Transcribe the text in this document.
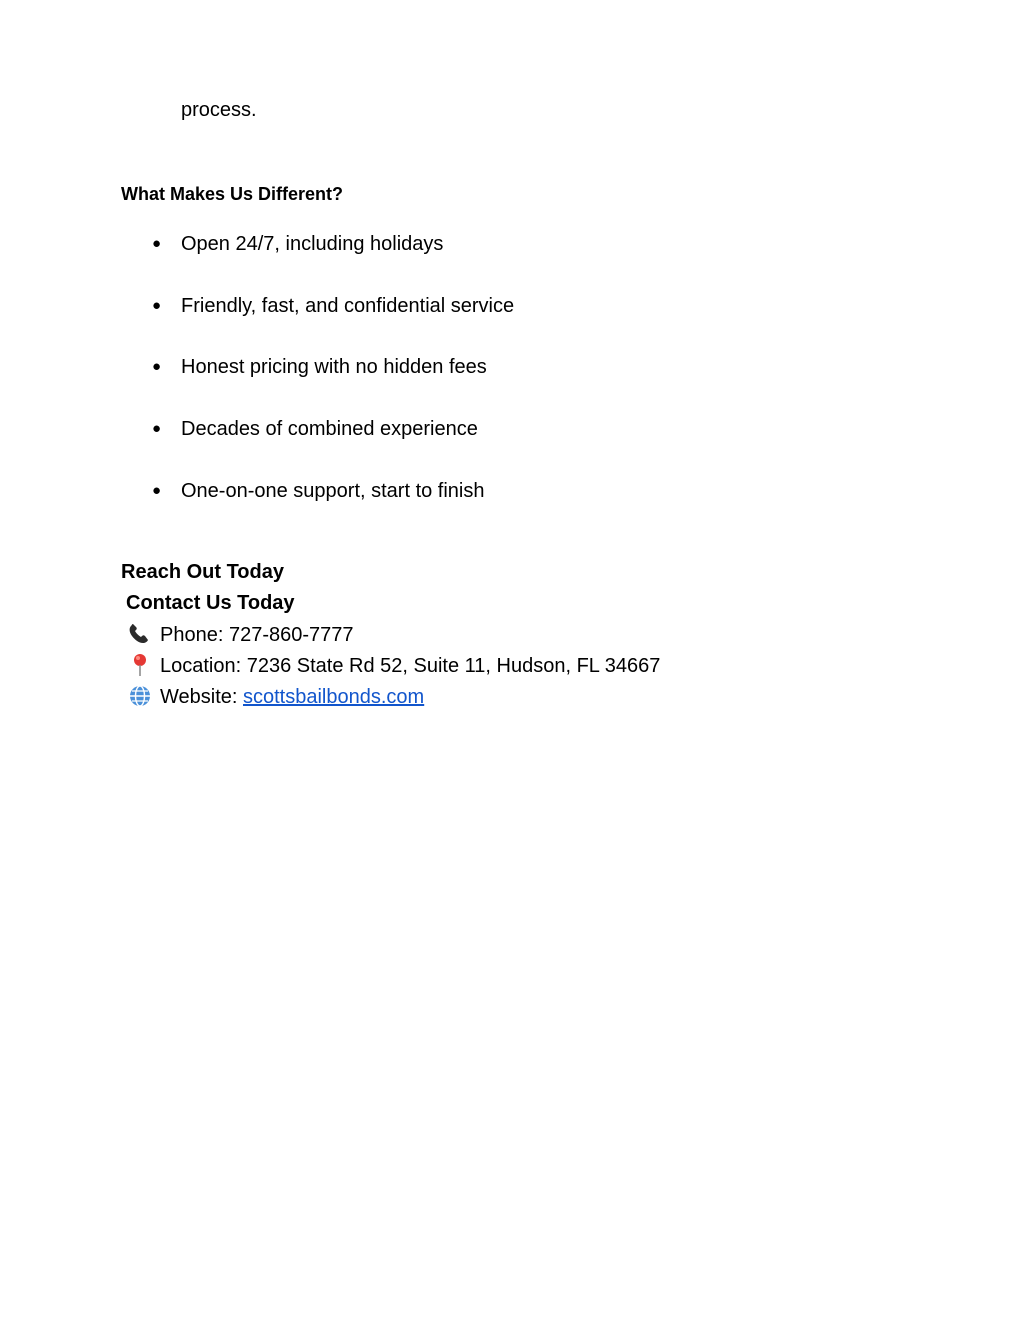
process.
What Makes Us Different?
● Open 24/7, including holidays
● Friendly, fast, and confidential service
● Honest pricing with no hidden fees
● Decades of combined experience
● One-on-one support, start to finish
Reach Out Today
Contact Us Today
Phone: 727-860-7777
Location: 7236 State Rd 52, Suite 11, Hudson, FL 34667
Website: scottsbailbonds.com
